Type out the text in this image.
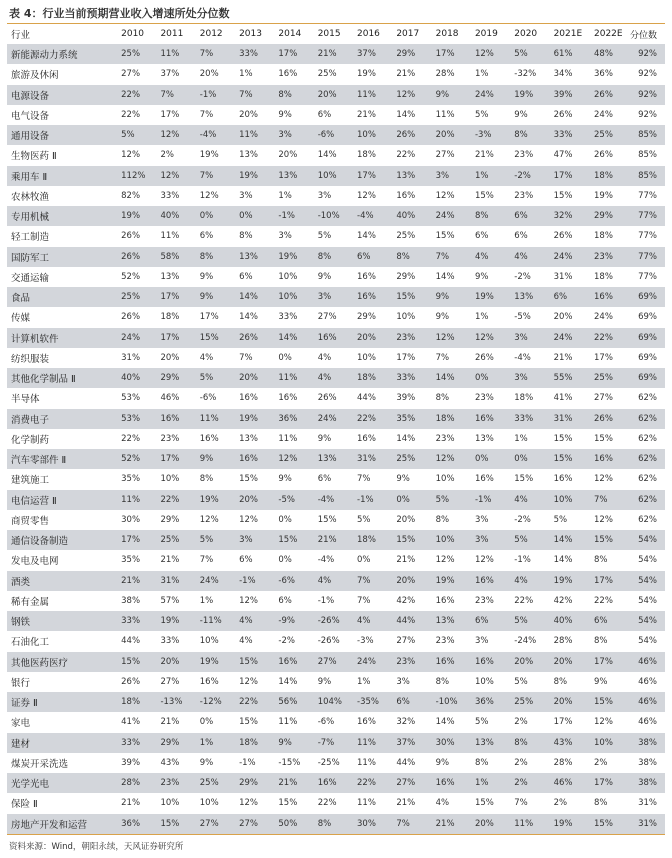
表 4：行业当前预期营业收入增速所处分位数
行业	2010	2011	2012	2013	2014	2015	2016	2017	2018	2019	2020	2021E	2022E	分位数
新能源动力系统	25%	11%	7%	33%	17%	21%	37%	29%	17%	12%	5%	61%	48%	92%
旅游及休闲	27%	37%	20%	1%	16%	25%	19%	21%	28%	1%	-32%	34%	36%	92%
电源设备	22%	7%	-1%	7%	8%	20%	11%	12%	9%	24%	19%	39%	26%	92%
电气设备	22%	17%	7%	20%	9%	6%	21%	14%	11%	5%	9%	26%	24%	92%
通用设备	5%	12%	-4%	11%	3%	-6%	10%	26%	20%	-3%	8%	33%	25%	85%
生物医药 Ⅱ	12%	2%	19%	13%	20%	14%	18%	22%	27%	21%	23%	47%	26%	85%
乘用车 Ⅱ	112%	12%	7%	19%	13%	10%	17%	13%	3%	1%	-2%	17%	18%	85%
农林牧渔	82%	33%	12%	3%	1%	3%	12%	16%	12%	15%	23%	15%	19%	77%
专用机械	19%	40%	0%	0%	-1%	-10%	-4%	40%	24%	8%	6%	32%	29%	77%
轻工制造	26%	11%	6%	8%	3%	5%	14%	25%	15%	6%	6%	26%	18%	77%
国防军工	26%	58%	8%	13%	19%	8%	6%	8%	7%	4%	4%	24%	23%	77%
交通运输	52%	13%	9%	6%	10%	9%	16%	29%	14%	9%	-2%	31%	18%	77%
食品	25%	17%	9%	14%	10%	3%	16%	15%	9%	19%	13%	6%	16%	69%
传媒	26%	18%	17%	14%	33%	27%	29%	10%	9%	1%	-5%	20%	24%	69%
计算机软件	24%	17%	15%	26%	14%	16%	20%	23%	12%	12%	3%	24%	22%	69%
纺织服装	31%	20%	4%	7%	0%	4%	10%	17%	7%	26%	-4%	21%	17%	69%
其他化学制品 Ⅱ	40%	29%	5%	20%	11%	4%	18%	33%	14%	0%	3%	55%	25%	69%
半导体	53%	46%	-6%	16%	16%	26%	44%	39%	8%	23%	18%	41%	27%	62%
消费电子	53%	16%	11%	19%	36%	24%	22%	35%	18%	16%	33%	31%	26%	62%
化学制药	22%	23%	16%	13%	11%	9%	16%	14%	23%	13%	1%	15%	15%	62%
汽车零部件 Ⅱ	52%	17%	9%	16%	12%	13%	31%	25%	12%	0%	0%	15%	16%	62%
建筑施工	35%	10%	8%	15%	9%	6%	7%	9%	10%	16%	15%	16%	12%	62%
电信运营 Ⅱ	11%	22%	19%	20%	-5%	-4%	-1%	0%	5%	-1%	4%	10%	7%	62%
商贸零售	30%	29%	12%	12%	0%	15%	5%	20%	8%	3%	-2%	5%	12%	62%
通信设备制造	17%	25%	5%	3%	15%	21%	18%	15%	10%	3%	5%	14%	15%	54%
发电及电网	35%	21%	7%	6%	0%	-4%	0%	21%	12%	12%	-1%	14%	8%	54%
酒类	21%	31%	24%	-1%	-6%	4%	7%	20%	19%	16%	4%	19%	17%	54%
稀有金属	38%	57%	1%	12%	6%	-1%	7%	42%	16%	23%	22%	42%	22%	54%
钢铁	33%	19%	-11%	4%	-9%	-26%	4%	44%	13%	6%	5%	40%	6%	54%
石油化工	44%	33%	10%	4%	-2%	-26%	-3%	27%	23%	3%	-24%	28%	8%	54%
其他医药医疗	15%	20%	19%	15%	16%	27%	24%	23%	16%	16%	20%	20%	17%	46%
银行	26%	27%	16%	12%	14%	9%	1%	3%	8%	10%	5%	8%	9%	46%
证券 Ⅱ	18%	-13%	-12%	22%	56%	104%	-35%	6%	-10%	36%	25%	20%	15%	46%
家电	41%	21%	0%	15%	11%	-6%	16%	32%	14%	5%	2%	17%	12%	46%
建材	33%	29%	1%	18%	9%	-7%	11%	37%	30%	13%	8%	43%	10%	38%
煤炭开采洗选	39%	43%	9%	-1%	-15%	-25%	11%	44%	9%	8%	2%	28%	2%	38%
光学光电	28%	23%	25%	29%	21%	16%	22%	27%	16%	1%	2%	46%	17%	38%
保险 Ⅱ	21%	10%	10%	12%	15%	22%	11%	21%	4%	15%	7%	2%	8%	31%
房地产开发和运营	36%	15%	27%	27%	50%	8%	30%	7%	21%	20%	11%	19%	15%	31%
资料来源：Wind，朝阳永续，天风证券研究所
